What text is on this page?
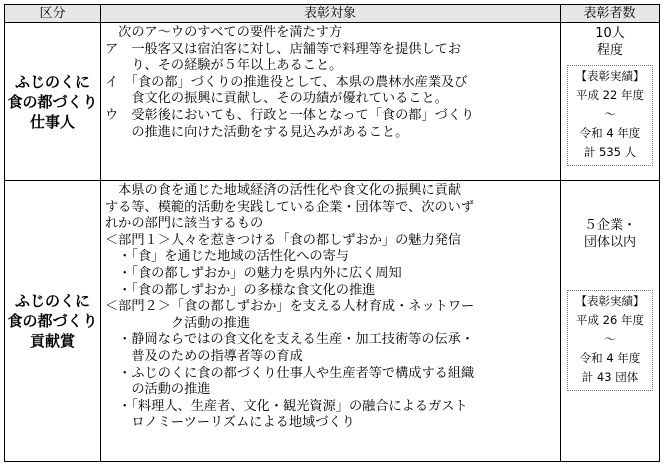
区分	表彰対象	表彰者数
ふじのくに
食の都づくり
仕事人
　次のア～ウのすべての要件を満たす方
ア　一般客又は宿泊客に対し、店舗等で料理等を提供してお
　　り、その経験が５年以上あること。
イ　「食の都」づくりの推進役として、本県の農林水産業及び
　　食文化の振興に貢献し、その功績が優れていること。
ウ　受彰後においても、行政と一体となって「食の都」づくり
　　の推進に向けた活動をする見込みがあること。
10人
程度
【表彰実績】
平成 22 年度
～
令和 4 年度
計 535 人
ふじのくに
食の都づくり
貢献賞
　本県の食を通じた地域経済の活性化や食文化の振興に貢献
する等、模範的活動を実践している企業・団体等で、次のいず
れかの部門に該当するもの
＜部門１＞人々を惹きつける「食の都しずおか」の魅力発信
　・「食」を通じた地域の活性化への寄与
　・「食の都しずおか」の魅力を県内外に広く周知
　・「食の都しずおか」の多様な食文化の推進
＜部門２＞「食の都しずおか」を支える人材育成・ネットワー
　　　　　ク活動の推進
　・静岡ならではの食文化を支える生産・加工技術等の伝承・
　　普及のための指導者等の育成
　・ふじのくに食の都づくり仕事人や生産者等で構成する組織
　　の活動の推進
　・「料理人、生産者、文化・観光資源」の融合によるガスト
　　ロノミーツーリズムによる地域づくり
５企業・
団体以内
【表彰実績】
平成 26 年度
～
令和 4 年度
計 43 団体
